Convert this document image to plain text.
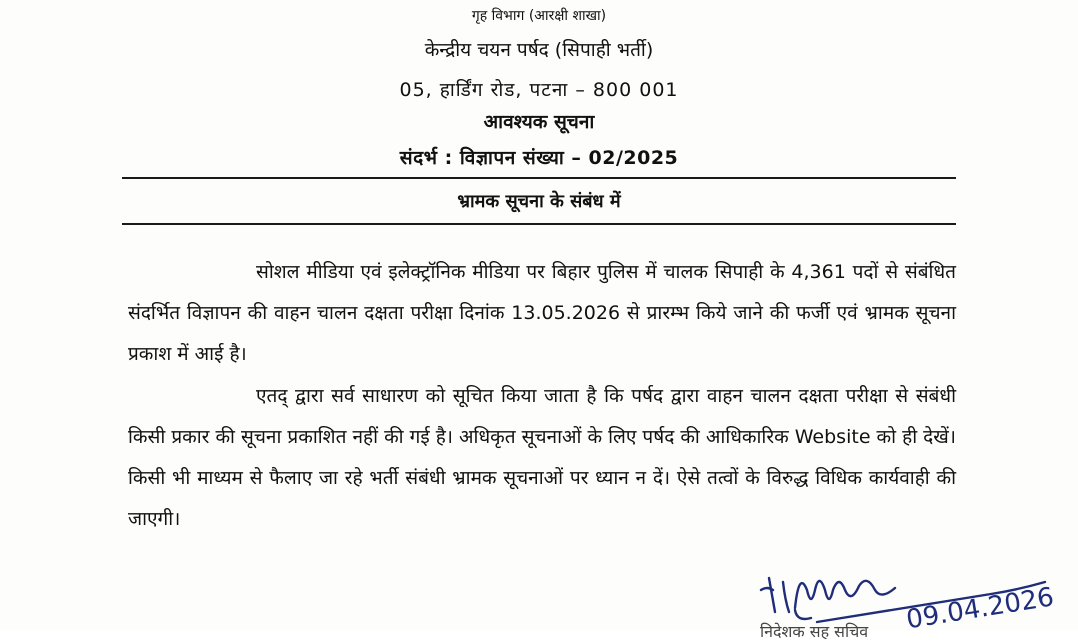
गृह विभाग (आरक्षी शाखा)
केन्द्रीय चयन पर्षद (सिपाही भर्ती)
05, हार्डिंग रोड, पटना – 800 001
आवश्यक सूचना
संदर्भ : विज्ञापन संख्या – 02/2025
भ्रामक सूचना के संबंध में

सोशल मीडिया एवं इलेक्ट्रॉनिक मीडिया पर बिहार पुलिस में चालक सिपाही के 4,361 पदों से संबंधित संदर्भित विज्ञापन की वाहन चालन दक्षता परीक्षा दिनांक 13.05.2026 से प्रारम्भ किये जाने की फर्जी एवं भ्रामक सूचना प्रकाश में आई है।

एतद् द्वारा सर्व साधारण को सूचित किया जाता है कि पर्षद द्वारा वाहन चालन दक्षता परीक्षा से संबंधी किसी प्रकार की सूचना प्रकाशित नहीं की गई है। अधिकृत सूचनाओं के लिए पर्षद की आधिकारिक Website को ही देखें। किसी भी माध्यम से फैलाए जा रहे भर्ती संबंधी भ्रामक सूचनाओं पर ध्यान न दें। ऐसे तत्वों के विरुद्ध विधिक कार्यवाही की जाएगी।

09.04.2026
निदेशक सह सचिव
